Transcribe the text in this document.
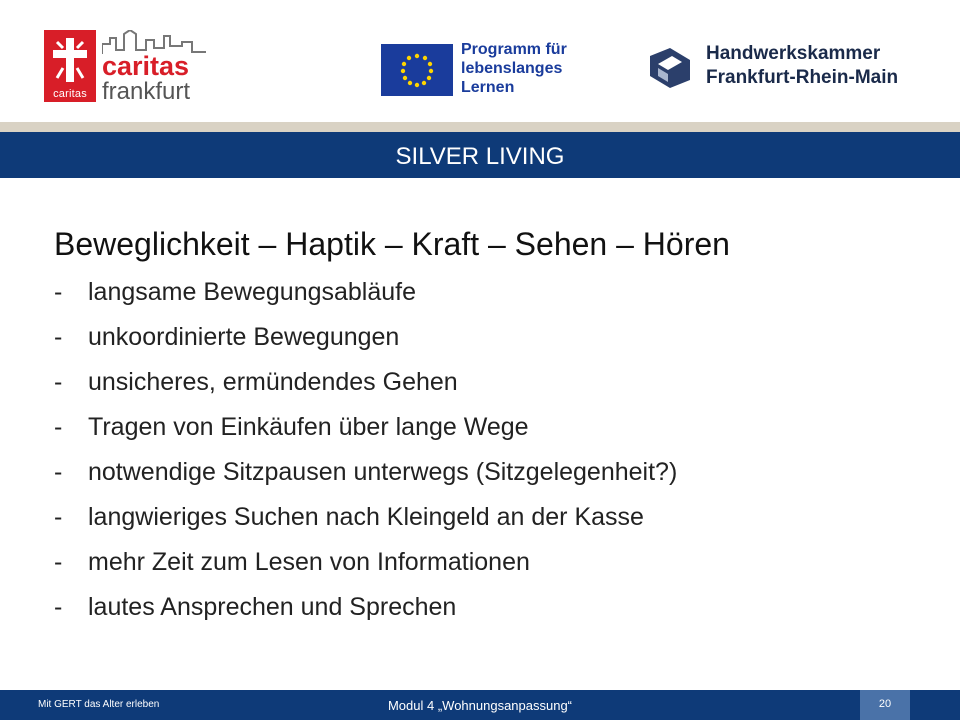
caritas
caritas
frankfurt
Programm für
lebenslanges
Lernen
Handwerkskammer
Frankfurt-Rhein-Main
SILVER LIVING
Beweglichkeit – Haptik – Kraft – Sehen – Hören
- langsame Bewegungsabläufe
- unkoordinierte Bewegungen
- unsicheres, ermündendes Gehen
- Tragen von Einkäufen über lange Wege
- notwendige Sitzpausen unterwegs (Sitzgelegenheit?)
- langwieriges Suchen nach Kleingeld an der Kasse
- mehr Zeit zum Lesen von Informationen
- lautes Ansprechen und Sprechen
Mit GERT das Alter erleben	Modul 4 „Wohnungsanpassung“	20
